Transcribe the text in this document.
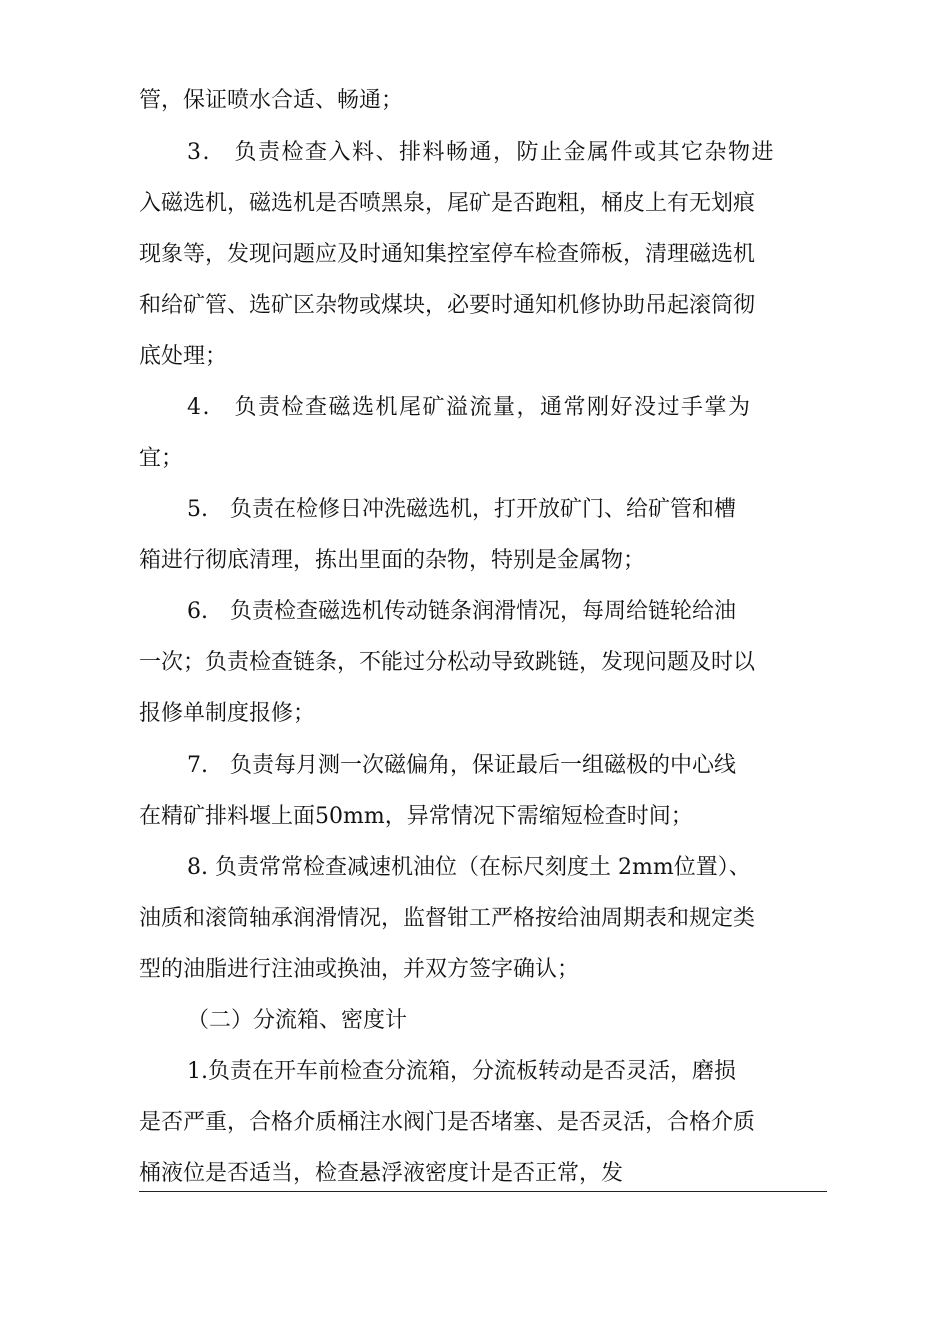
管，保证喷水合适、畅通；
3.　负责检查入料、排料畅通，防止金属件或其它杂物进
入磁选机，磁选机是否喷黑泉，尾矿是否跑粗，桶皮上有无划痕
现象等，发现问题应及时通知集控室停车检查筛板，清理磁选机
和给矿管、选矿区杂物或煤块，必要时通知机修协助吊起滚筒彻
底处理；
4.　负责检查磁选机尾矿溢流量，通常刚好没过手掌为
宜；
5.　负责在检修日冲洗磁选机，打开放矿门、给矿管和槽
箱进行彻底清理，拣出里面的杂物，特别是金属物；
6.　负责检查磁选机传动链条润滑情况，每周给链轮给油
一次；负责检查链条，不能过分松动导致跳链，发现问题及时以
报修单制度报修；
7.　负责每月测一次磁偏角，保证最后一组磁极的中心线
在精矿排料堰上面50mm，异常情况下需缩短检查时间；
8. 负责常常检查减速机油位（在标尺刻度土 2mm位置）、
油质和滚筒轴承润滑情况，监督钳工严格按给油周期表和规定类
型的油脂进行注油或换油，并双方签字确认；
（二）分流箱、密度计
1.负责在开车前检查分流箱，分流板转动是否灵活，磨损
是否严重，合格介质桶注水阀门是否堵塞、是否灵活，合格介质
桶液位是否适当，检查悬浮液密度计是否正常，发
